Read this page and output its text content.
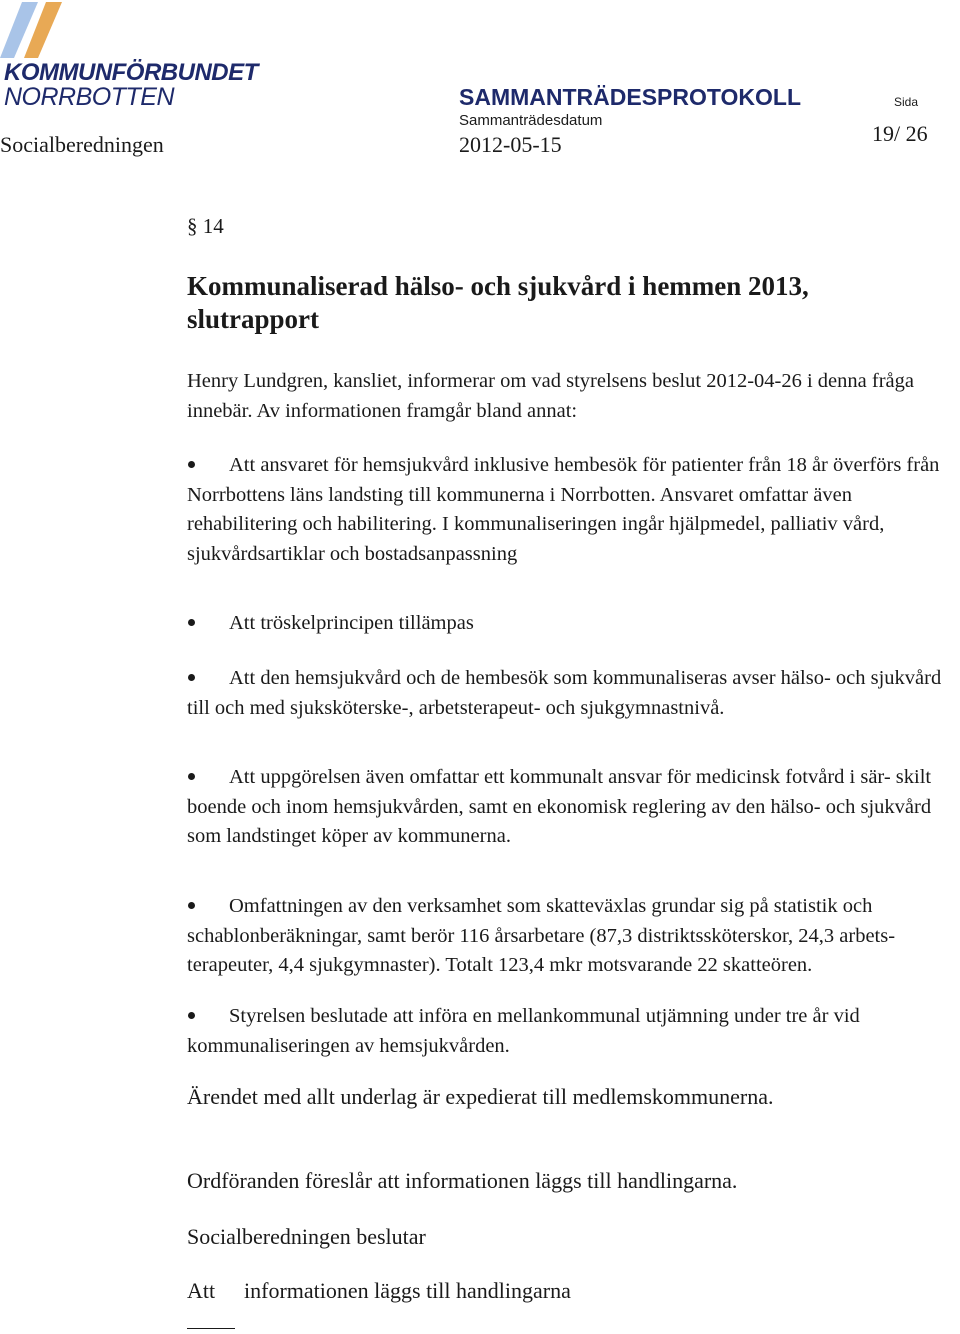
KOMMUNFÖRBUNDET
NORRBOTTEN
Socialberedningen
SAMMANTRÄDESPROTOKOLL
Sammanträdesdatum
2012-05-15
Sida
19/ 26
§ 14
Kommunaliserad hälso- och sjukvård i hemmen 2013, slutrapport
Henry Lundgren, kansliet, informerar om vad styrelsens beslut 2012-04-26 i denna fråga innebär. Av informationen framgår bland annat:
Att ansvaret för hemsjukvård inklusive hembesök för patienter från 18 år överförs från Norrbottens läns landsting till kommunerna i Norrbotten. Ansvaret omfattar även rehabilitering och habilitering. I kommunaliseringen ingår hjälpmedel, palliativ vård, sjukvårdsartiklar och bostadsanpassning
Att tröskelprincipen tillämpas
Att den hemsjukvård och de hembesök som kommunaliseras avser hälso- och sjukvård till och med sjuksköterske-, arbetsterapeut- och sjukgymnastnivå.
Att uppgörelsen även omfattar ett kommunalt ansvar för medicinsk fotvård i sär- skilt boende och inom hemsjukvården, samt en ekonomisk reglering av den hälso- och sjukvård som landstinget köper av kommunerna.
Omfattningen av den verksamhet som skatteväxlas grundar sig på statistik och schablonberäkningar, samt berör 116 årsarbetare (87,3 distriktssköterskor, 24,3 arbets-terapeuter, 4,4 sjukgymnaster). Totalt 123,4 mkr motsvarande 22 skatteören.
Styrelsen beslutade att införa en mellankommunal utjämning under tre år vid kommunaliseringen av hemsjukvården.
Ärendet med allt underlag är expedierat till medlemskommunerna.
Ordföranden föreslår att informationen läggs till handlingarna.
Socialberedningen beslutar
Att informationen läggs till handlingarna
